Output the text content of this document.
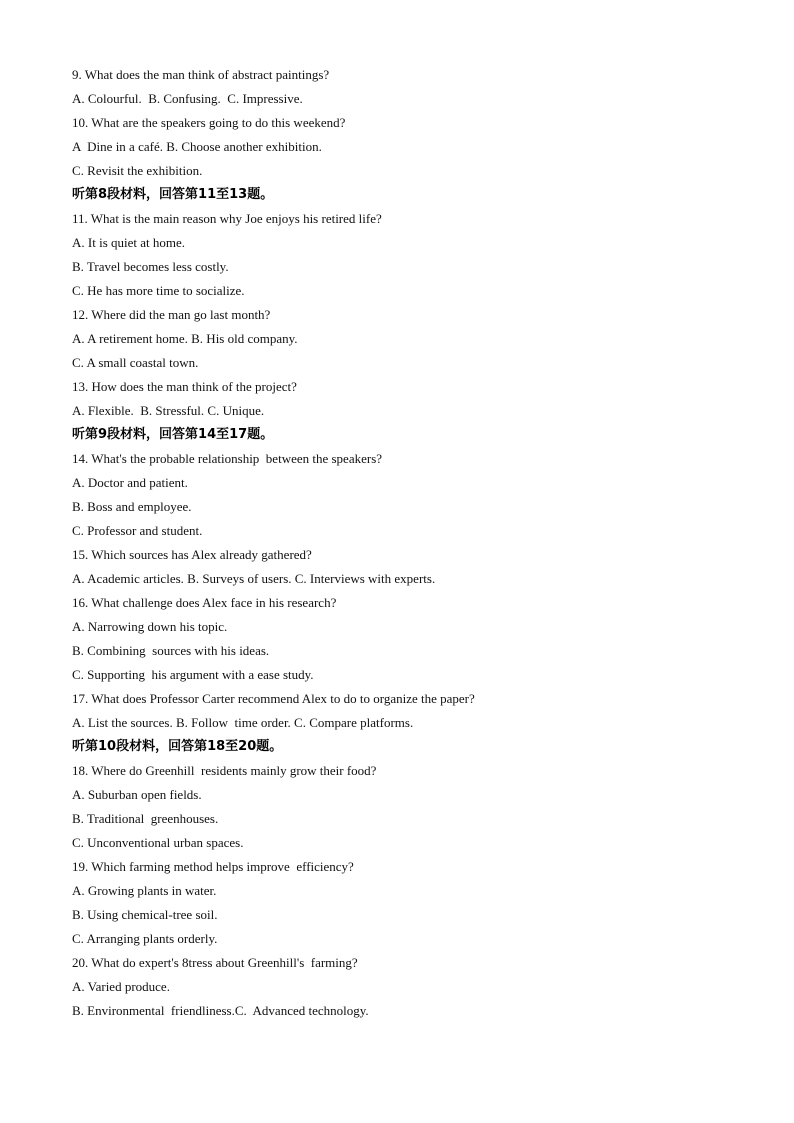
9. What does the man think of abstract paintings?
A. Colourful.  B. Confusing.  C. Impressive.
10. What are the speakers going to do this weekend?
A  Dine in a café. B. Choose another exhibition.
C. Revisit the exhibition.
听第8段材料，回答第11至13题。
11. What is the main reason why Joe enjoys his retired life?
A. It is quiet at home.
B. Travel becomes less costly.
C. He has more time to socialize.
12. Where did the man go last month?
A. A retirement home. B. His old company.
C. A small coastal town.
13. How does the man think of the project?
A. Flexible.  B. Stressful. C. Unique.
听第9段材料，回答第14至17题。
14. What's the probable relationship  between the speakers?
A. Doctor and patient.
B. Boss and employee.
C. Professor and student.
15. Which sources has Alex already gathered?
A. Academic articles. B. Surveys of users. C. Interviews with experts.
16. What challenge does Alex face in his research?
A. Narrowing down his topic.
B. Combining  sources with his ideas.
C. Supporting  his argument with a ease study.
17. What does Professor Carter recommend Alex to do to organize the paper?
A. List the sources. B. Follow  time order. C. Compare platforms.
听第10段材料，回答第18至20题。
18. Where do Greenhill  residents mainly grow their food?
A. Suburban open fields.
B. Traditional  greenhouses.
C. Unconventional urban spaces.
19. Which farming method helps improve  efficiency?
A. Growing plants in water.
B. Using chemical-tree soil.
C. Arranging plants orderly.
20. What do expert's 8tress about Greenhill's  farming?
A. Varied produce.
B. Environmental  friendliness.C.  Advanced technology.
